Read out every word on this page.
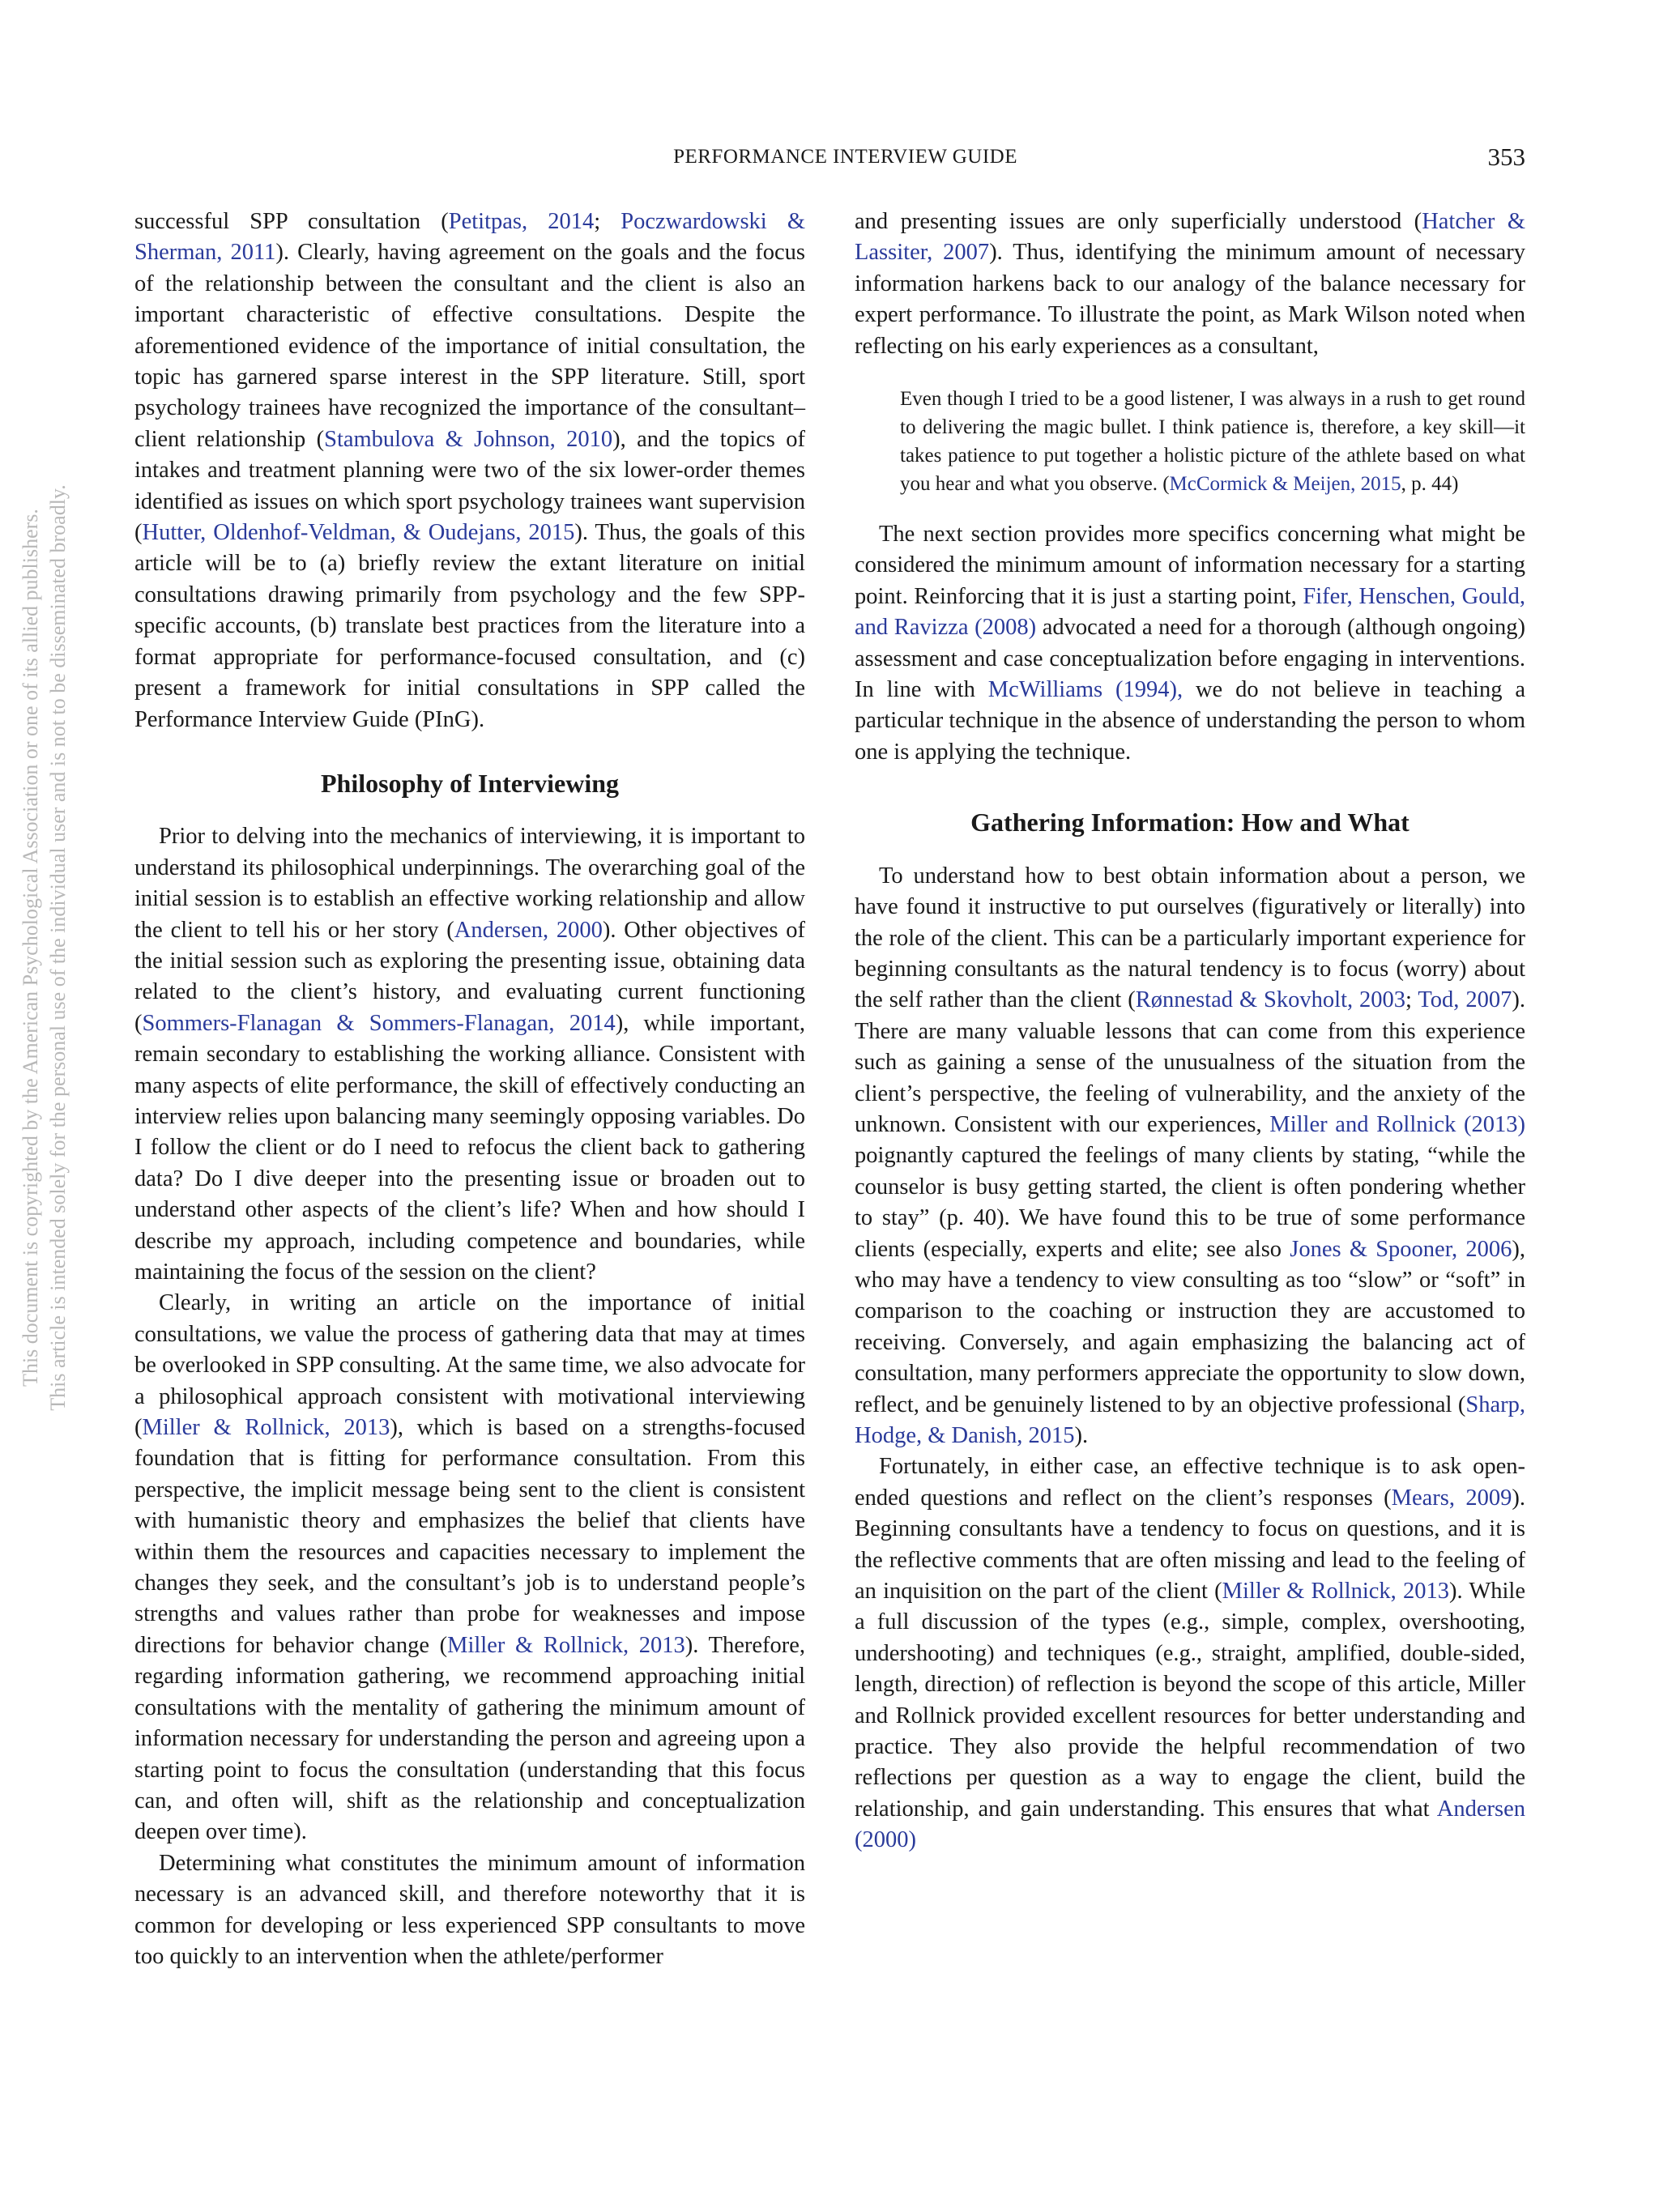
PERFORMANCE INTERVIEW GUIDE	353
This document is copyrighted by the American Psychological Association or one of its allied publishers. This article is intended solely for the personal use of the individual user and is not to be disseminated broadly.

successful SPP consultation (Petitpas, 2014; Poczwardowski & Sherman, 2011). Clearly, having agreement on the goals and the focus of the relationship between the consultant and the client is also an important characteristic of effective consultations. Despite the aforementioned evidence of the importance of initial consultation, the topic has garnered sparse interest in the SPP literature. Still, sport psychology trainees have recognized the importance of the consultant–client relationship (Stambulova & Johnson, 2010), and the topics of intakes and treatment planning were two of the six lower-order themes identified as issues on which sport psychology trainees want supervision (Hutter, Oldenhof-Veldman, & Oudejans, 2015). Thus, the goals of this article will be to (a) briefly review the extant literature on initial consultations drawing primarily from psychology and the few SPP-specific accounts, (b) translate best practices from the literature into a format appropriate for performance-focused consultation, and (c) present a framework for initial consultations in SPP called the Performance Interview Guide (PInG).

Philosophy of Interviewing

Prior to delving into the mechanics of interviewing, it is important to understand its philosophical underpinnings. The overarching goal of the initial session is to establish an effective working relationship and allow the client to tell his or her story (Andersen, 2000). Other objectives of the initial session such as exploring the presenting issue, obtaining data related to the client’s history, and evaluating current functioning (Sommers-Flanagan & Sommers-Flanagan, 2014), while important, remain secondary to establishing the working alliance. Consistent with many aspects of elite performance, the skill of effectively conducting an interview relies upon balancing many seemingly opposing variables. Do I follow the client or do I need to refocus the client back to gathering data? Do I dive deeper into the presenting issue or broaden out to understand other aspects of the client’s life? When and how should I describe my approach, including competence and boundaries, while maintaining the focus of the session on the client?

Clearly, in writing an article on the importance of initial consultations, we value the process of gathering data that may at times be overlooked in SPP consulting. At the same time, we also advocate for a philosophical approach consistent with motivational interviewing (Miller & Rollnick, 2013), which is based on a strengths-focused foundation that is fitting for performance consultation. From this perspective, the implicit message being sent to the client is consistent with humanistic theory and emphasizes the belief that clients have within them the resources and capacities necessary to implement the changes they seek, and the consultant’s job is to understand people’s strengths and values rather than probe for weaknesses and impose directions for behavior change (Miller & Rollnick, 2013). Therefore, regarding information gathering, we recommend approaching initial consultations with the mentality of gathering the minimum amount of information necessary for understanding the person and agreeing upon a starting point to focus the consultation (understanding that this focus can, and often will, shift as the relationship and conceptualization deepen over time).

Determining what constitutes the minimum amount of information necessary is an advanced skill, and therefore noteworthy that it is common for developing or less experienced SPP consultants to move too quickly to an intervention when the athlete/performer

and presenting issues are only superficially understood (Hatcher & Lassiter, 2007). Thus, identifying the minimum amount of necessary information harkens back to our analogy of the balance necessary for expert performance. To illustrate the point, as Mark Wilson noted when reflecting on his early experiences as a consultant,

Even though I tried to be a good listener, I was always in a rush to get round to delivering the magic bullet. I think patience is, therefore, a key skill—it takes patience to put together a holistic picture of the athlete based on what you hear and what you observe. (McCormick & Meijen, 2015, p. 44)

The next section provides more specifics concerning what might be considered the minimum amount of information necessary for a starting point. Reinforcing that it is just a starting point, Fifer, Henschen, Gould, and Ravizza (2008) advocated a need for a thorough (although ongoing) assessment and case conceptualization before engaging in interventions. In line with McWilliams (1994), we do not believe in teaching a particular technique in the absence of understanding the person to whom one is applying the technique.

Gathering Information: How and What

To understand how to best obtain information about a person, we have found it instructive to put ourselves (figuratively or literally) into the role of the client. This can be a particularly important experience for beginning consultants as the natural tendency is to focus (worry) about the self rather than the client (Rønnestad & Skovholt, 2003; Tod, 2007). There are many valuable lessons that can come from this experience such as gaining a sense of the unusualness of the situation from the client’s perspective, the feeling of vulnerability, and the anxiety of the unknown. Consistent with our experiences, Miller and Rollnick (2013) poignantly captured the feelings of many clients by stating, “while the counselor is busy getting started, the client is often pondering whether to stay” (p. 40). We have found this to be true of some performance clients (especially, experts and elite; see also Jones & Spooner, 2006), who may have a tendency to view consulting as too “slow” or “soft” in comparison to the coaching or instruction they are accustomed to receiving. Conversely, and again emphasizing the balancing act of consultation, many performers appreciate the opportunity to slow down, reflect, and be genuinely listened to by an objective professional (Sharp, Hodge, & Danish, 2015).

Fortunately, in either case, an effective technique is to ask open-ended questions and reflect on the client’s responses (Mears, 2009). Beginning consultants have a tendency to focus on questions, and it is the reflective comments that are often missing and lead to the feeling of an inquisition on the part of the client (Miller & Rollnick, 2013). While a full discussion of the types (e.g., simple, complex, overshooting, undershooting) and techniques (e.g., straight, amplified, double-sided, length, direction) of reflection is beyond the scope of this article, Miller and Rollnick provided excellent resources for better understanding and practice. They also provide the helpful recommendation of two reflections per question as a way to engage the client, build the relationship, and gain understanding. This ensures that what Andersen (2000)
